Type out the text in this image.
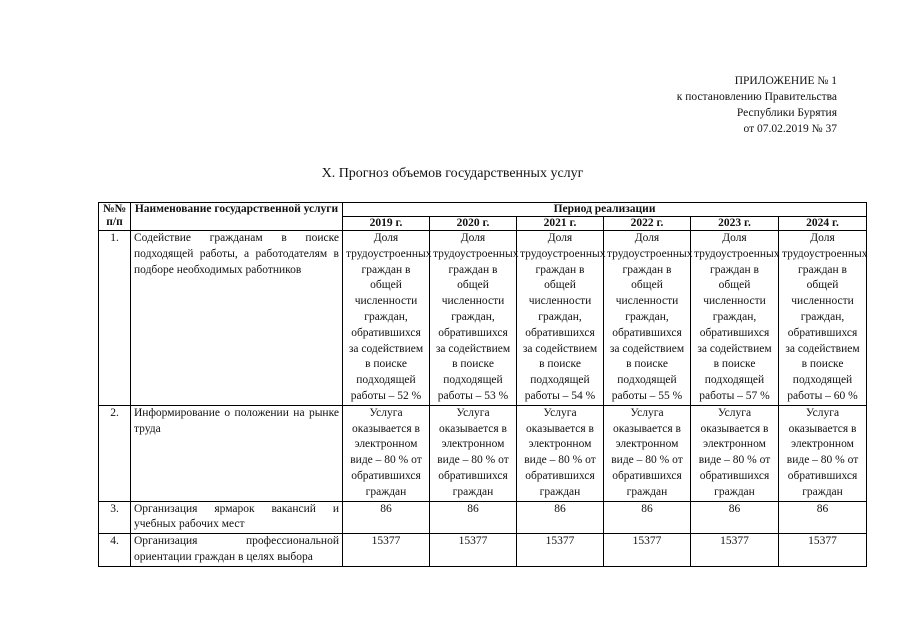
ПРИЛОЖЕНИЕ № 1
к постановлению Правительства
Республики Бурятия
от 07.02.2019 № 37
X. Прогноз объемов государственных услуг
№№ п/п	Наименование государственной услуги	Период реализации					
		2019 г.	2020 г.	2021 г.	2022 г.	2023 г.	2024 г.
1.	Содействие гражданам в поиске подходящей работы, а работодателям в подборе необходимых работников	Доля трудоустроенных граждан в общей численности граждан, обратившихся за содействием в поиске подходящей работы – 52 %	Доля трудоустроенных граждан в общей численности граждан, обратившихся за содействием в поиске подходящей работы – 53 %	Доля трудоустроенных граждан в общей численности граждан, обратившихся за содействием в поиске подходящей работы – 54 %	Доля трудоустроенных граждан в общей численности граждан, обратившихся за содействием в поиске подходящей работы – 55 %	Доля трудоустроенных граждан в общей численности граждан, обратившихся за содействием в поиске подходящей работы – 57 %	Доля трудоустроенных граждан в общей численности граждан, обратившихся за содействием в поиске подходящей работы – 60 %
2.	Информирование о положении на рынке труда	Услуга оказывается в электронном виде – 80 % от обратившихся граждан	Услуга оказывается в электронном виде – 80 % от обратившихся граждан	Услуга оказывается в электронном виде – 80 % от обратившихся граждан	Услуга оказывается в электронном виде – 80 % от обратившихся граждан	Услуга оказывается в электронном виде – 80 % от обратившихся граждан	Услуга оказывается в электронном виде – 80 % от обратившихся граждан
3.	Организация ярмарок вакансий и учебных рабочих мест	86	86	86	86	86	86
4.	Организация профессиональной ориентации граждан в целях выбора	15377	15377	15377	15377	15377	15377
